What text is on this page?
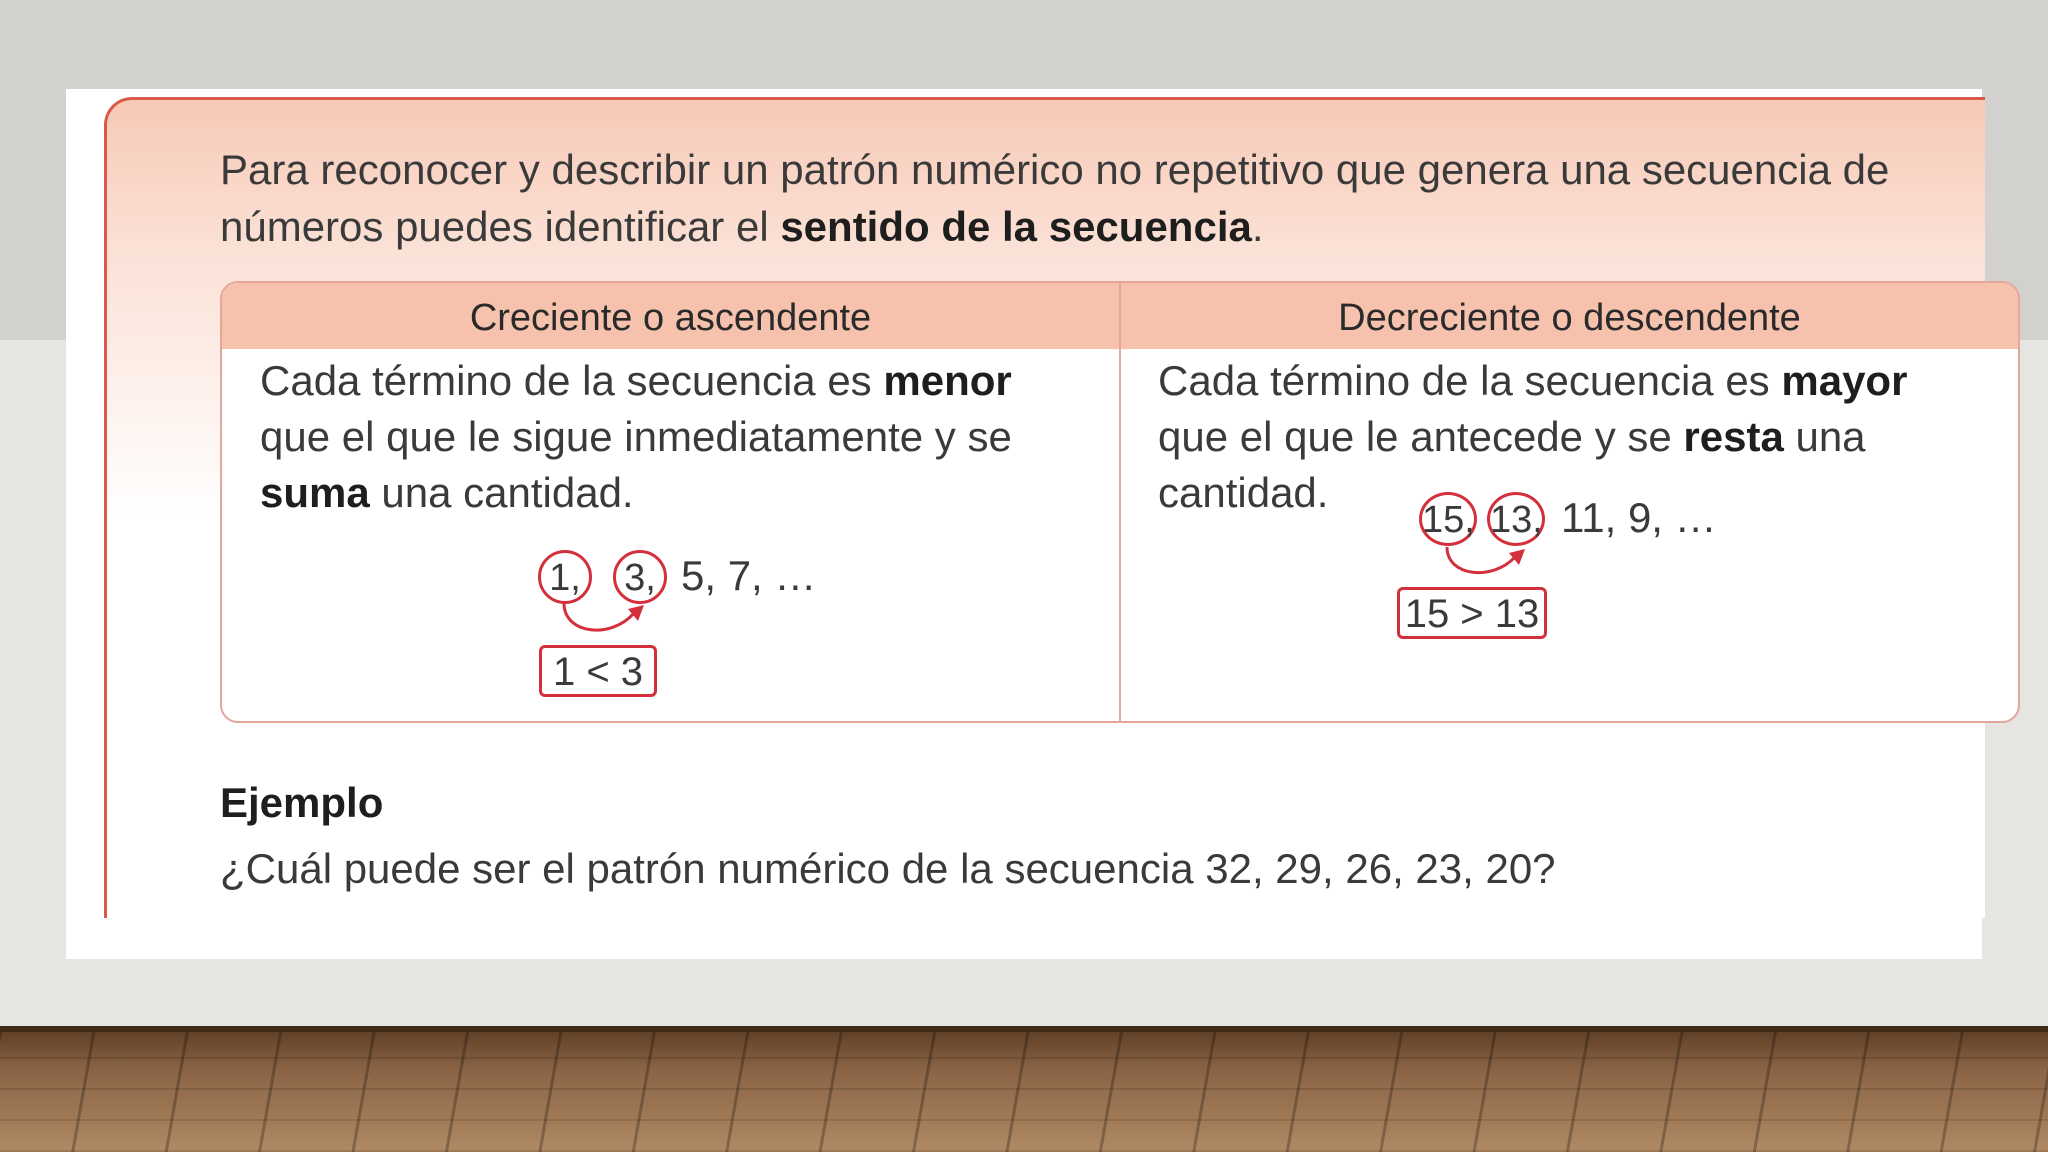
Para reconocer y describir un patrón numérico no repetitivo que genera una secuencia de números puedes identificar el sentido de la secuencia.

Creciente o ascendente	Decreciente o descendente

Cada término de la secuencia es menor que el que le sigue inmediatamente y se suma una cantidad.

Cada término de la secuencia es mayor que el que le antecede y se resta una cantidad.

1, 3, 5, 7, …
1 < 3
15, 13, 11, 9, …
15 > 13
Ejemplo

¿Cuál puede ser el patrón numérico de la secuencia 32, 29, 26, 23, 20?
